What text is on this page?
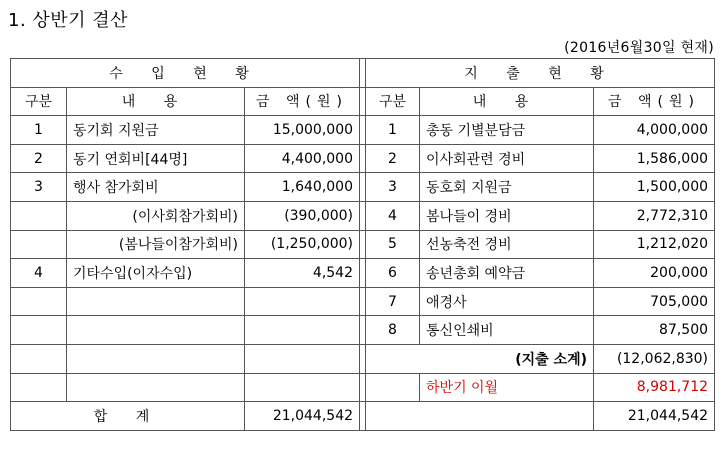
1. 상반기 결산
(2016년6월30일 현재)
수 입 현 황				지 출 현 황		
구분	내 용	금 액(원)		구분	내 용	금 액(원)
1	동기회 지원금	15,000,000		1	총동 기별분담금	4,000,000
2	동기 연회비[44명]	4,400,000		2	이사회관련 경비	1,586,000
3	행사 참가회비	1,640,000		3	동호회 지원금	1,500,000
	(이사회참가회비)	(390,000)		4	봄나들이 경비	2,772,310
	(봄나들이참가회비)	(1,250,000)		5	선농축전 경비	1,212,020
4	기타수입(이자수입)	4,542		6	송년총회 예약금	200,000
				7	애경사	705,000
				8	통신인쇄비	87,500
				(지출 소계)		(12,062,830)
					하반기 이월	8,981,712
합 계		21,044,542				21,044,542
